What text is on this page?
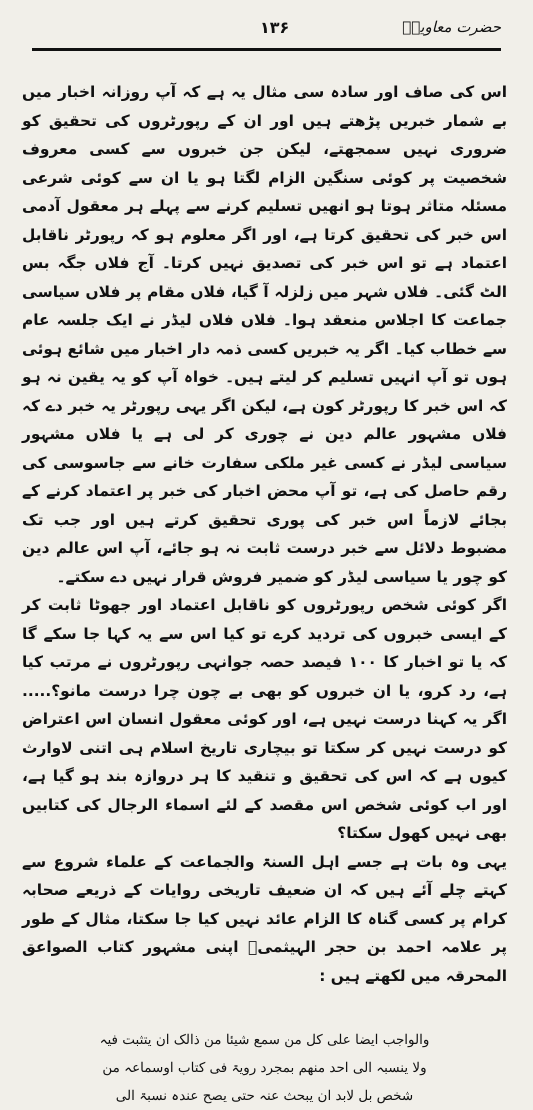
حضرت معاویہؓ
۱۳۶

اس کی صاف اور سادہ سی مثال یہ ہے کہ آپ روزانہ اخبار میں بے شمار خبریں پڑھتے ہیں اور ان کے رپورٹروں کی تحقیق کو ضروری نہیں سمجھتے، لیکن جن خبروں سے کسی معروف شخصیت پر کوئی سنگین الزام لگتا ہو یا ان سے کوئی شرعی مسئلہ متاثر ہوتا ہو انھیں تسلیم کرنے سے پہلے ہر معقول آدمی اس خبر کی تحقیق کرتا ہے، اور اگر معلوم ہو کہ رپورٹر ناقابل اعتماد ہے تو اس خبر کی تصدیق نہیں کرتا۔ آج فلاں جگہ بس الٹ گئی۔ فلاں شہر میں زلزلہ آ گیا، فلاں مقام پر فلاں سیاسی جماعت کا اجلاس منعقد ہوا۔ فلاں فلاں لیڈر نے ایک جلسہ عام سے خطاب کیا۔ اگر یہ خبریں کسی ذمہ دار اخبار میں شائع ہوئی ہوں تو آپ انہیں تسلیم کر لیتے ہیں۔ خواہ آپ کو یہ یقین نہ ہو کہ اس خبر کا رپورٹر کون ہے، لیکن اگر یہی رپورٹر یہ خبر دے کہ فلاں مشہور عالم دین نے چوری کر لی ہے یا فلاں مشہور سیاسی لیڈر نے کسی غیر ملکی سفارت خانے سے جاسوسی کی رقم حاصل کی ہے، تو آپ محض اخبار کی خبر پر اعتماد کرنے کے بجائے لازماً اس خبر کی پوری تحقیق کرتے ہیں اور جب تک مضبوط دلائل سے خبر درست ثابت نہ ہو جائے، آپ اس عالم دین کو چور یا سیاسی لیڈر کو ضمیر فروش قرار نہیں دے سکتے۔

اگر کوئی شخص رپورٹروں کو ناقابل اعتماد اور جھوٹا ثابت کر کے ایسی خبروں کی تردید کرے تو کیا اس سے یہ کہا جا سکے گا کہ یا تو اخبار کا ۱۰۰ فیصد حصہ جوانہی رپورٹروں نے مرتب کیا ہے، رد کرو، یا ان خبروں کو بھی بے چون چرا درست مانو؟..... اگر یہ کہنا درست نہیں ہے، اور کوئی معقول انسان اس اعتراض کو درست نہیں کر سکتا تو بیچاری تاریخ اسلام ہی اتنی لاوارث کیوں ہے کہ اس کی تحقیق و تنقید کا ہر دروازہ بند ہو گیا ہے، اور اب کوئی شخص اس مقصد کے لئے اسماء الرجال کی کتابیں بھی نہیں کھول سکتا؟

یہی وہ بات ہے جسے اہل السنۃ والجماعت کے علماء شروع سے کہتے چلے آئے ہیں کہ ان ضعیف تاریخی روایات کے ذریعے صحابہ کرام پر کسی گناہ کا الزام عائد نہیں کیا جا سکتا، مثال کے طور پر علامہ احمد بن حجر الہیثمیؒ اپنی مشہور کتاب الصواعق المحرقہ میں لکھتے ہیں :

والواجب ایضا علی کل من سمع شیئا من ذالک ان یتثبت فیہ
ولا ینسبہ الی احد منھم بمجرد رویۃ فی کتاب اوسماعہ من
شخص بل لابد ان یبحث عنہ حتی یصح عندہ نسبۃ الی
